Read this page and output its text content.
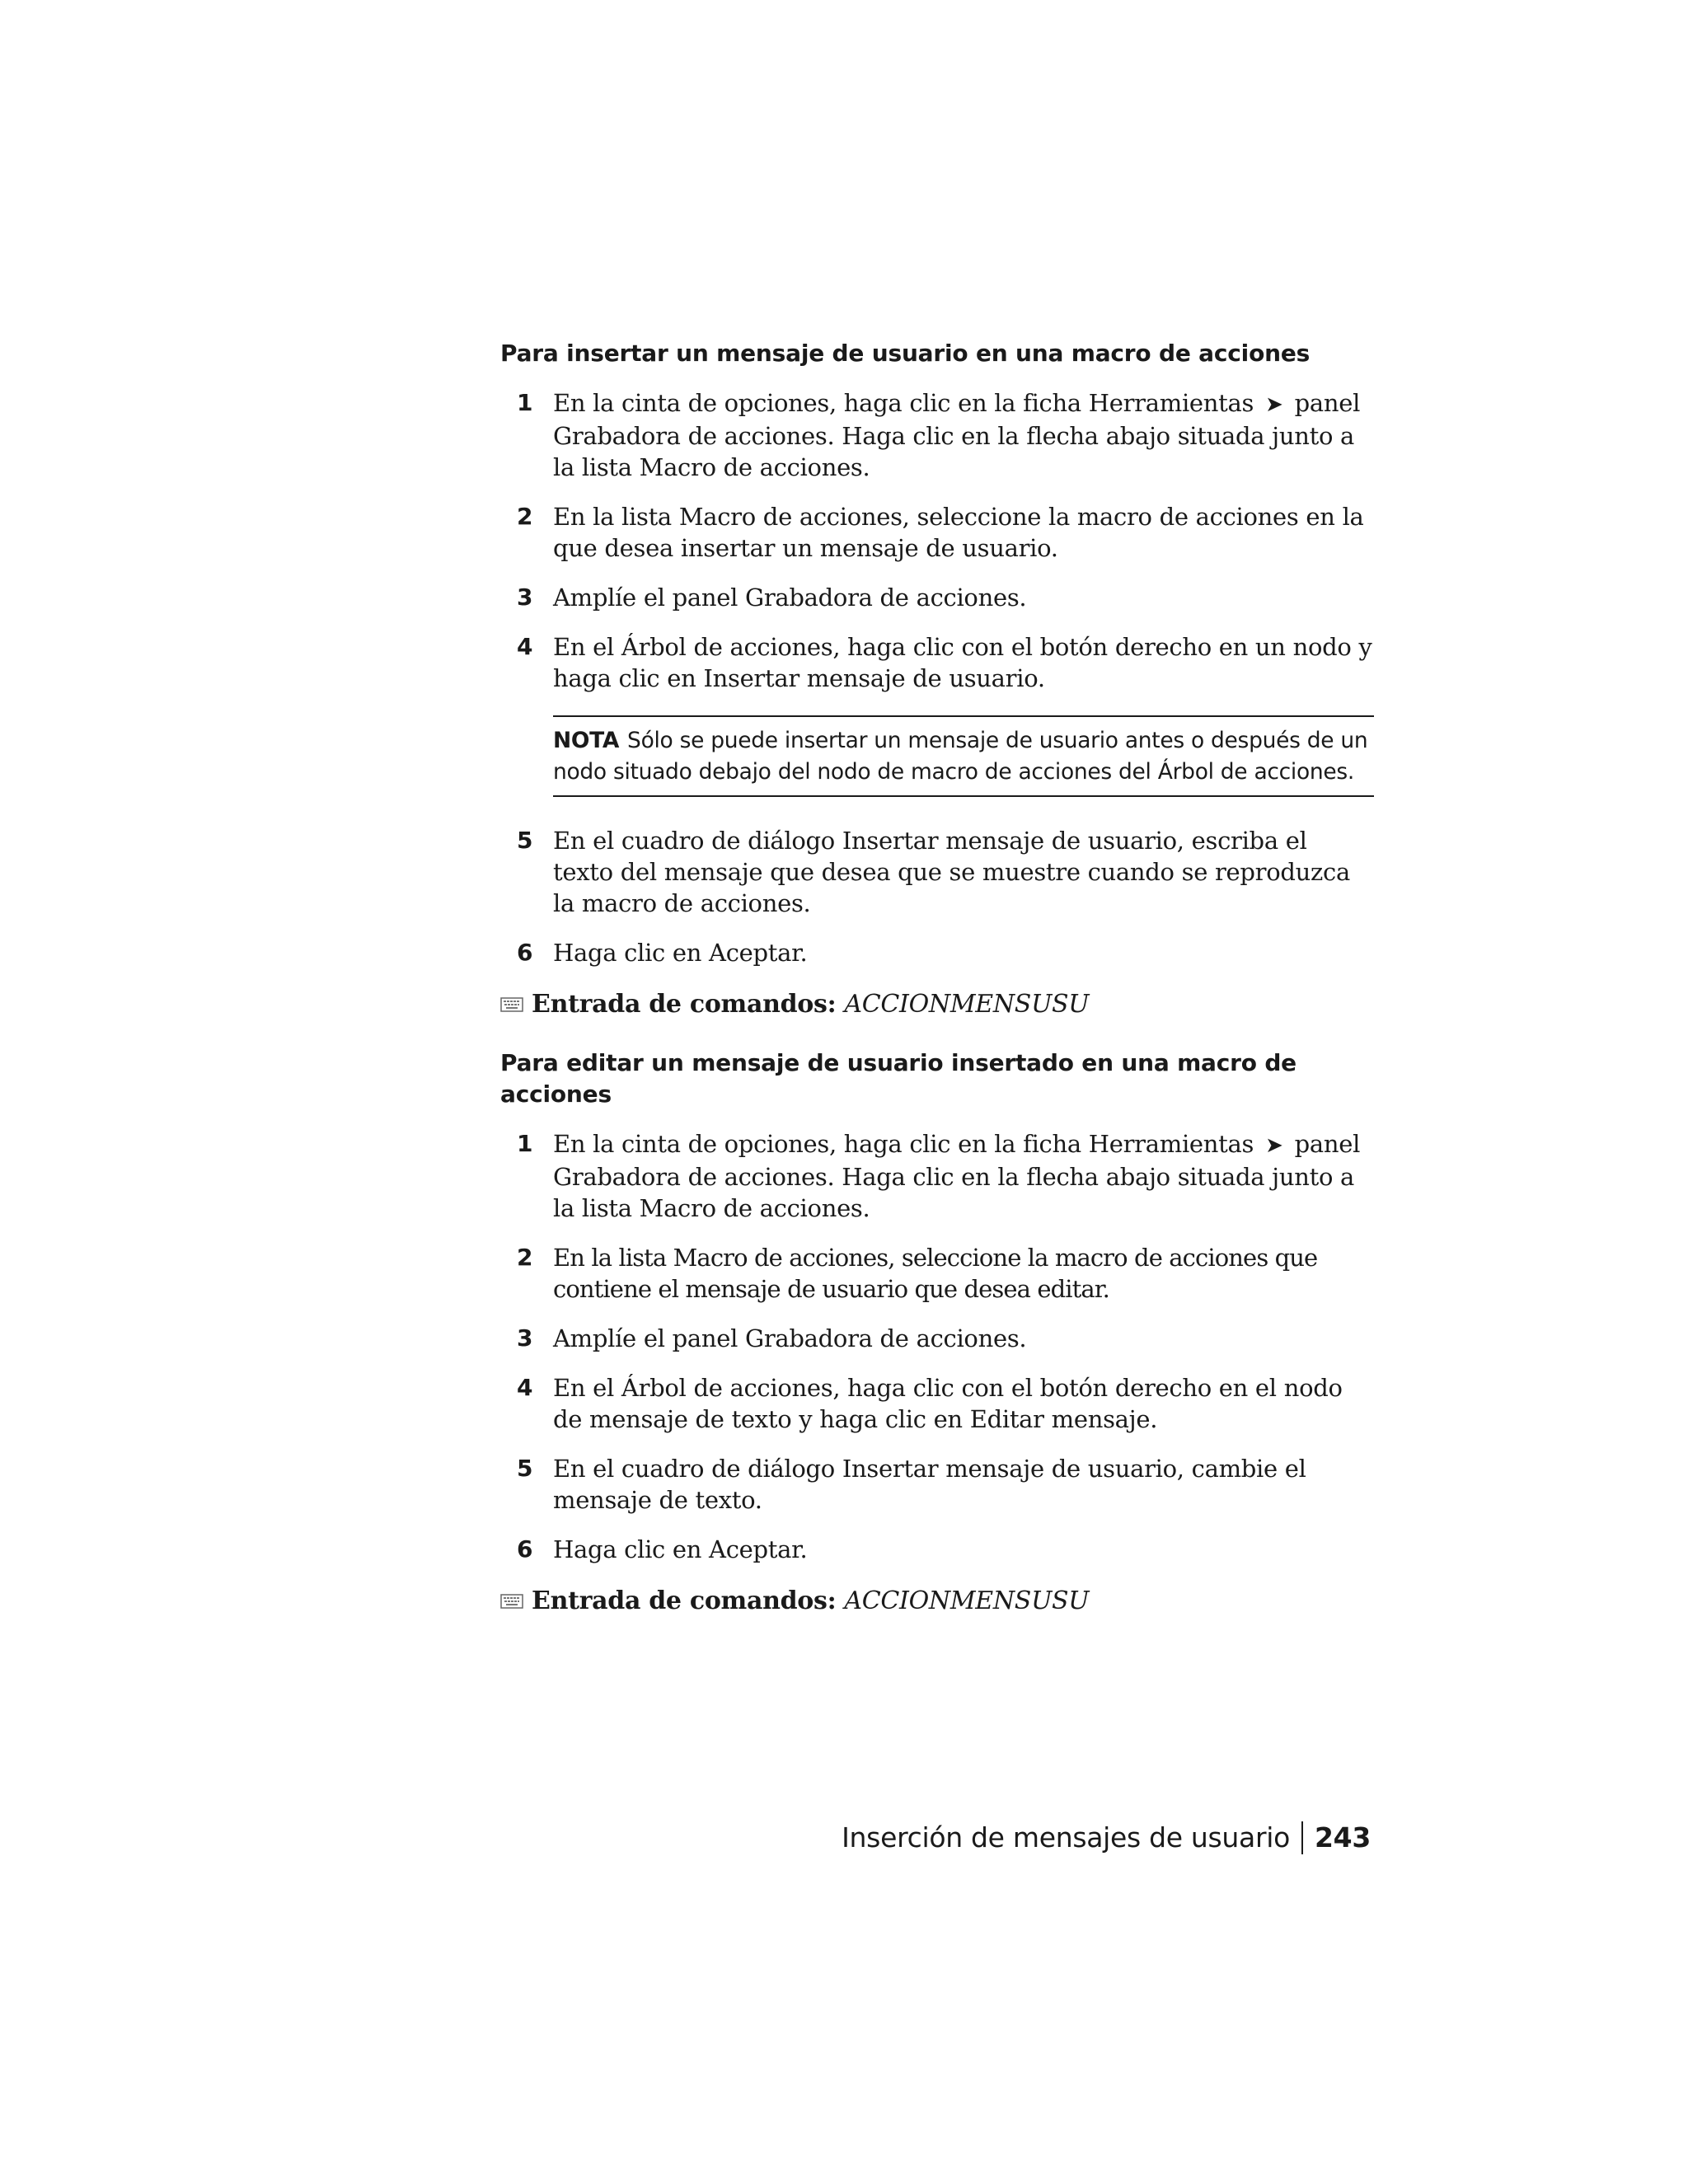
Para insertar un mensaje de usuario en una macro de acciones
1 En la cinta de opciones, haga clic en la ficha Herramientas ➤ panel Grabadora de acciones. Haga clic en la flecha abajo situada junto a la lista Macro de acciones.
2 En la lista Macro de acciones, seleccione la macro de acciones en la que desea insertar un mensaje de usuario.
3 Amplíe el panel Grabadora de acciones.
4 En el Árbol de acciones, haga clic con el botón derecho en un nodo y haga clic en Insertar mensaje de usuario.
NOTA Sólo se puede insertar un mensaje de usuario antes o después de un nodo situado debajo del nodo de macro de acciones del Árbol de acciones.
5 En el cuadro de diálogo Insertar mensaje de usuario, escriba el texto del mensaje que desea que se muestre cuando se reproduzca la macro de acciones.
6 Haga clic en Aceptar.
Entrada de comandos: ACCIONMENSUSU
Para editar un mensaje de usuario insertado en una macro de acciones
1 En la cinta de opciones, haga clic en la ficha Herramientas ➤ panel Grabadora de acciones. Haga clic en la flecha abajo situada junto a la lista Macro de acciones.
2 En la lista Macro de acciones, seleccione la macro de acciones que contiene el mensaje de usuario que desea editar.
3 Amplíe el panel Grabadora de acciones.
4 En el Árbol de acciones, haga clic con el botón derecho en el nodo de mensaje de texto y haga clic en Editar mensaje.
5 En el cuadro de diálogo Insertar mensaje de usuario, cambie el mensaje de texto.
6 Haga clic en Aceptar.
Entrada de comandos: ACCIONMENSUSU
Inserción de mensajes de usuario 243
